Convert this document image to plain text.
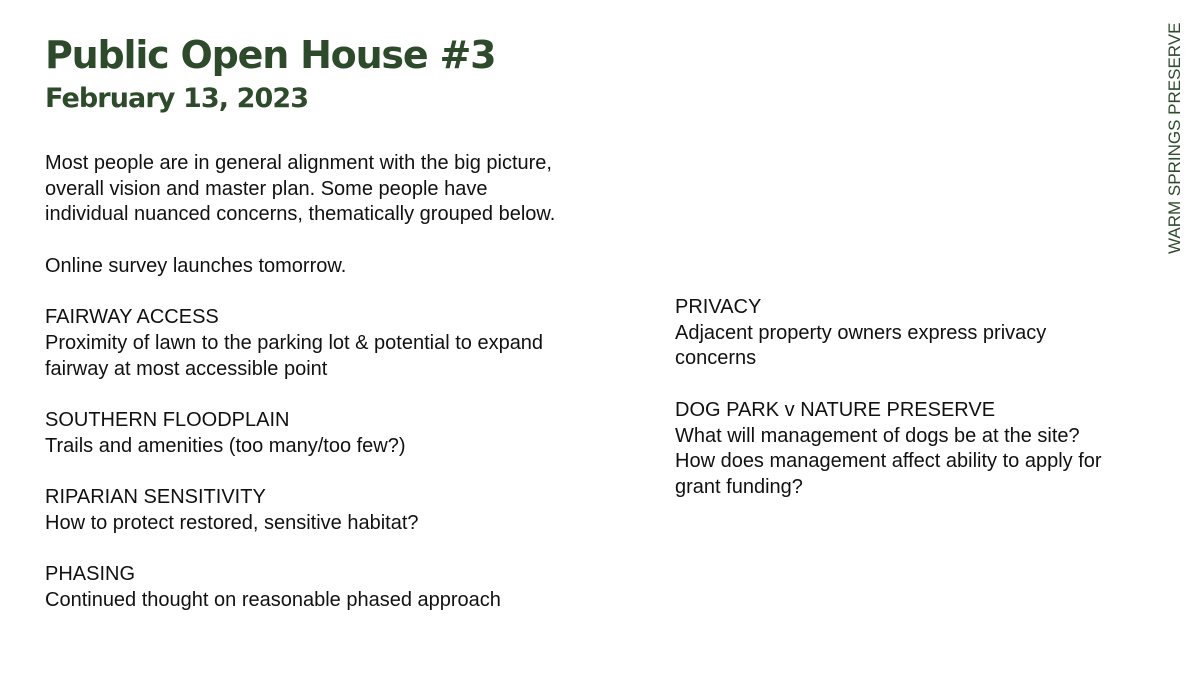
Public Open House #3
February 13, 2023	WARM SPRINGS PRESERVE

Most people are in general alignment with the big picture,
overall vision and master plan. Some people have
individual nuanced concerns, thematically grouped below.

Online survey launches tomorrow.

FAIRWAY ACCESS
Proximity of lawn to the parking lot & potential to expand
fairway at most accessible point
SOUTHERN FLOODPLAIN
Trails and amenities (too many/too few?)
RIPARIAN SENSITIVITY
How to protect restored, sensitive habitat?
PHASING
Continued thought on reasonable phased approach
PRIVACY
Adjacent property owners express privacy
concerns
DOG PARK v NATURE PRESERVE
What will management of dogs be at the site?
How does management affect ability to apply for
grant funding?
